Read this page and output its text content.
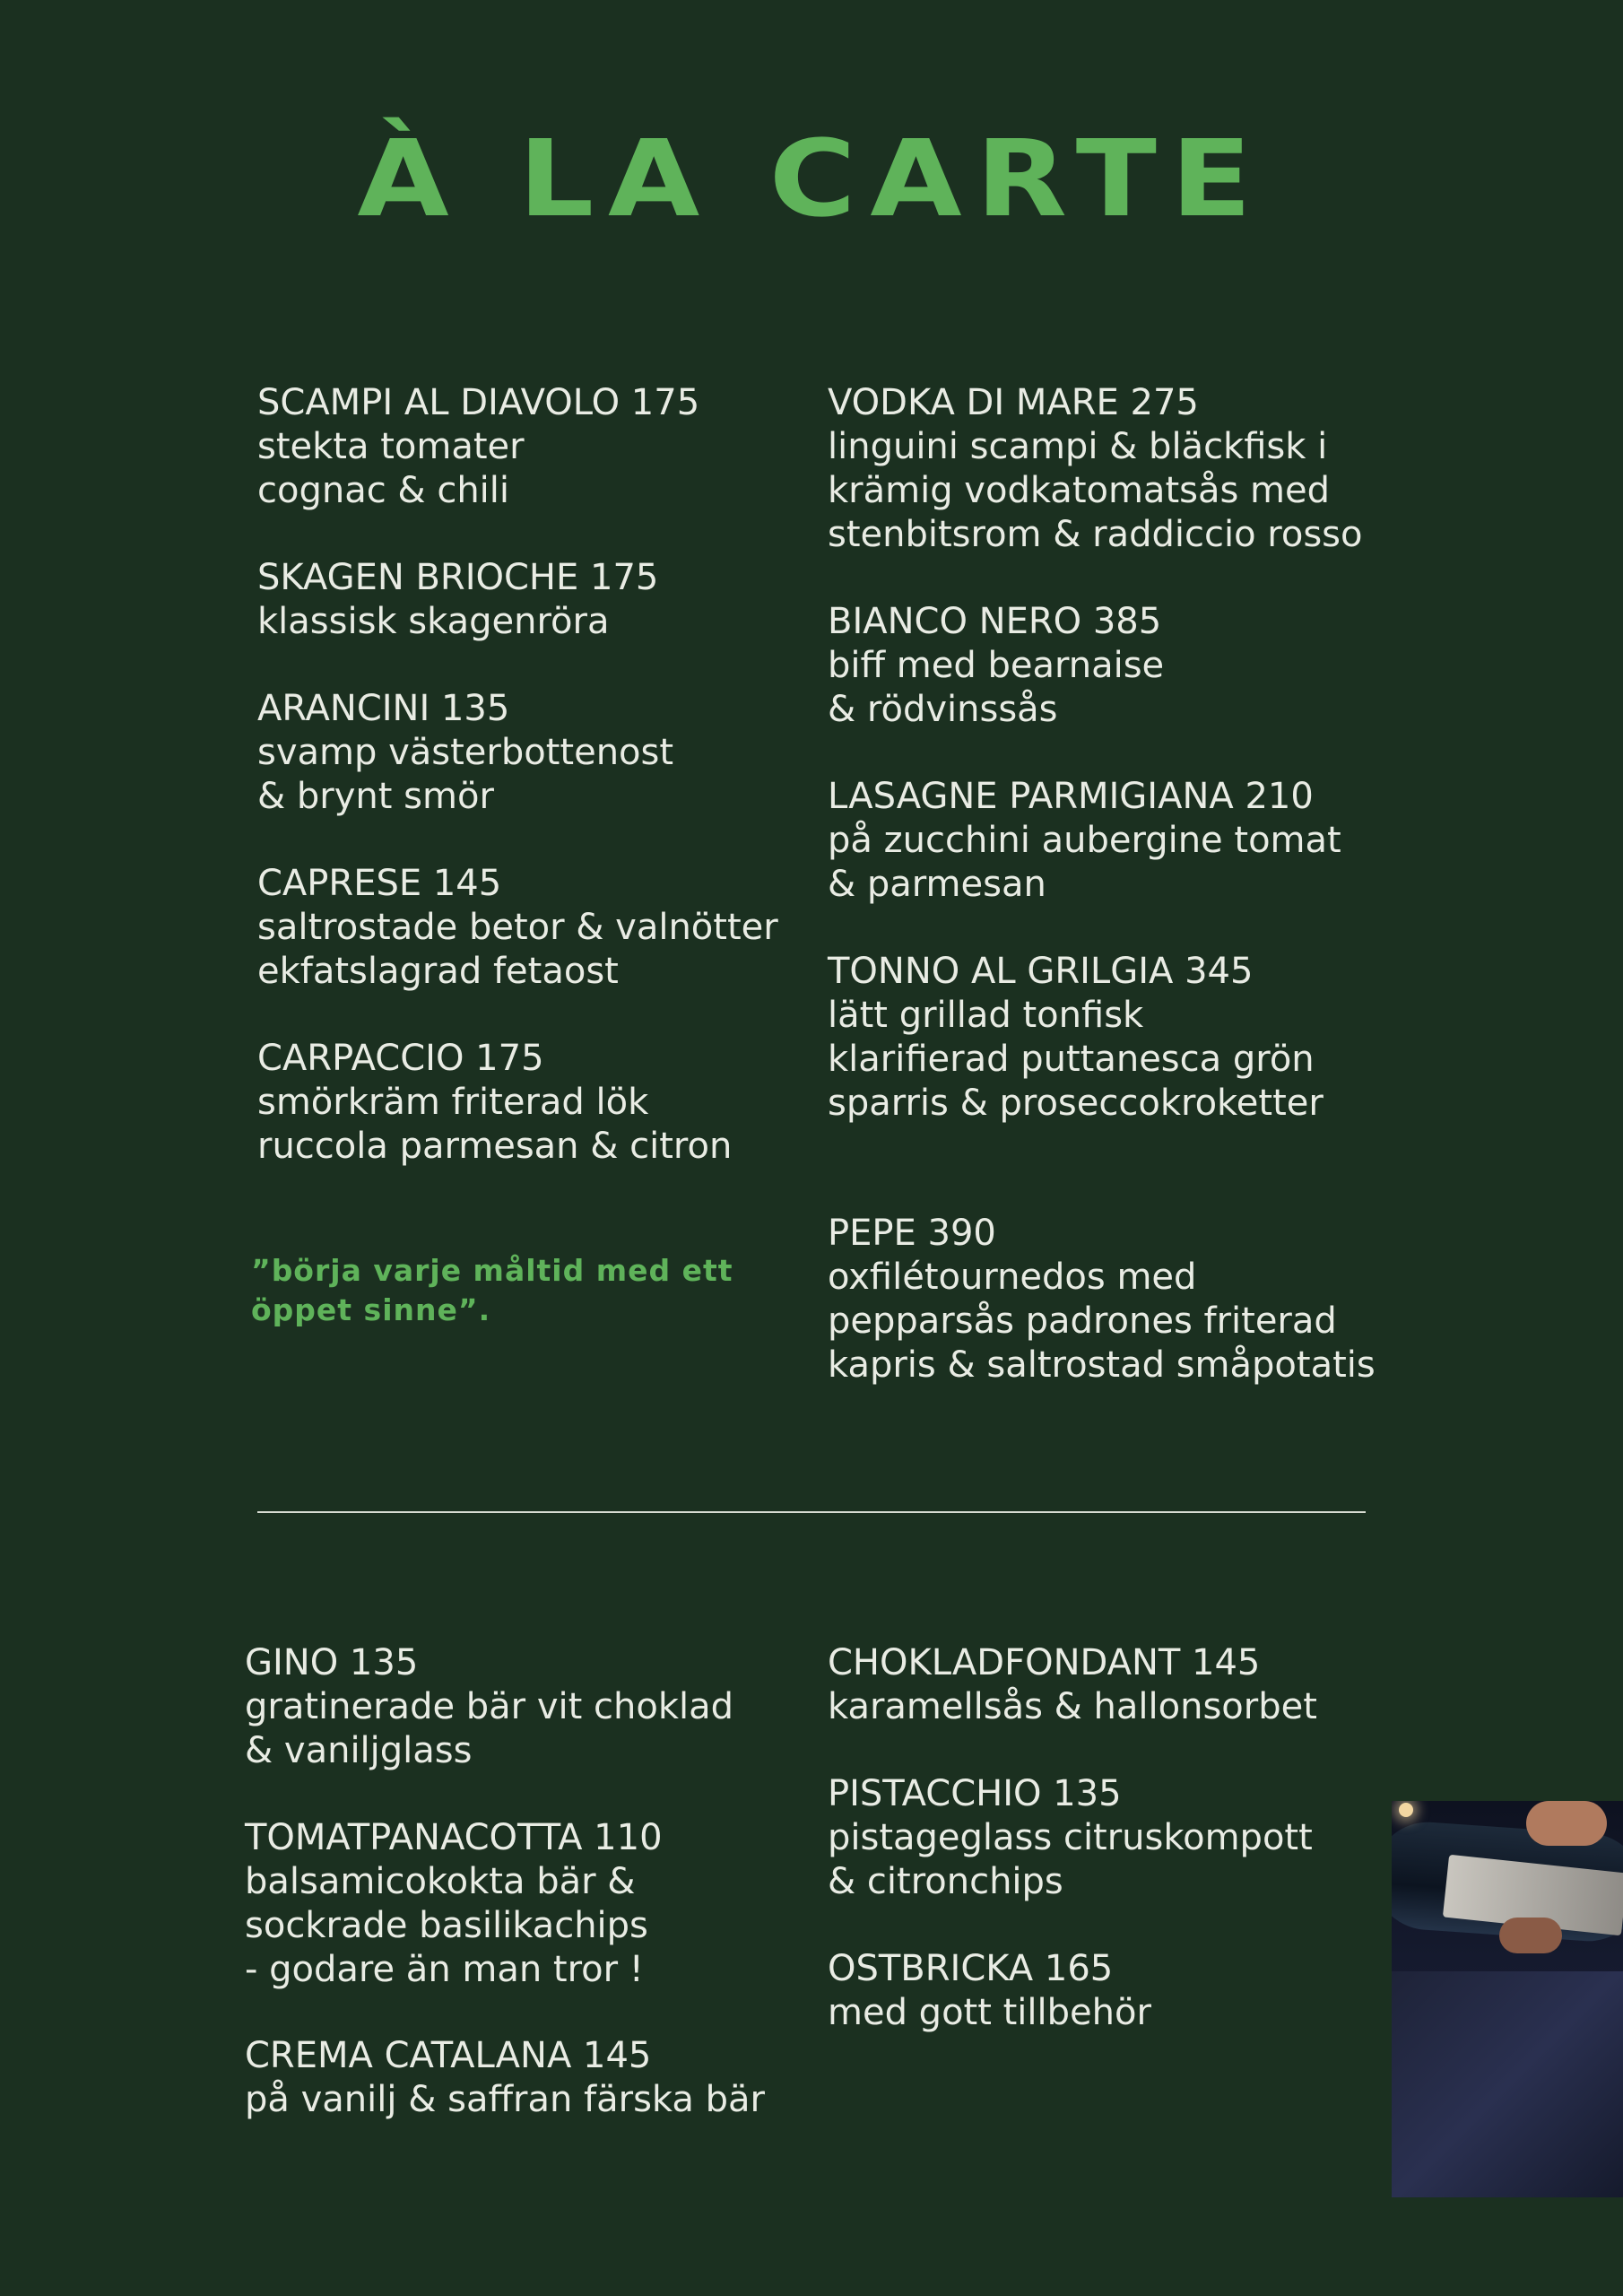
À LA CARTE
SCAMPI AL DIAVOLO 175
stekta tomater
cognac & chili
SKAGEN BRIOCHE 175
klassisk skagenröra
ARANCINI 135
svamp västerbottenost
& brynt smör
CAPRESE 145
saltrostade betor & valnötter
ekfatslagrad fetaost
CARPACCIO 175
smörkräm friterad lök
ruccola parmesan & citron
”börja varje måltid med ett öppet sinne”.
VODKA DI MARE 275
linguini scampi & bläckfisk i
krämig vodkatomatsås med
stenbitsrom & raddiccio rosso
BIANCO NERO 385
biff med bearnaise
& rödvinssås
LASAGNE PARMIGIANA 210
på zucchini aubergine tomat
& parmesan
TONNO AL GRILGIA 345
lätt grillad tonfisk
klarifierad puttanesca grön
sparris & proseccokroketter
PEPE 390
oxfilétournedos med
pepparsås padrones friterad
kapris & saltrostad småpotatis
GINO 135
gratinerade bär vit choklad
& vaniljglass
TOMATPANACOTTA 110
balsamicokokta bär &
sockrade basilikachips
- godare än man tror !
CREMA CATALANA 145
på vanilj & saffran färska bär
CHOKLADFONDANT 145
karamellsås & hallonsorbet
PISTACCHIO 135
pistageglass citruskompott
& citronchips
OSTBRICKA 165
med gott tillbehör
